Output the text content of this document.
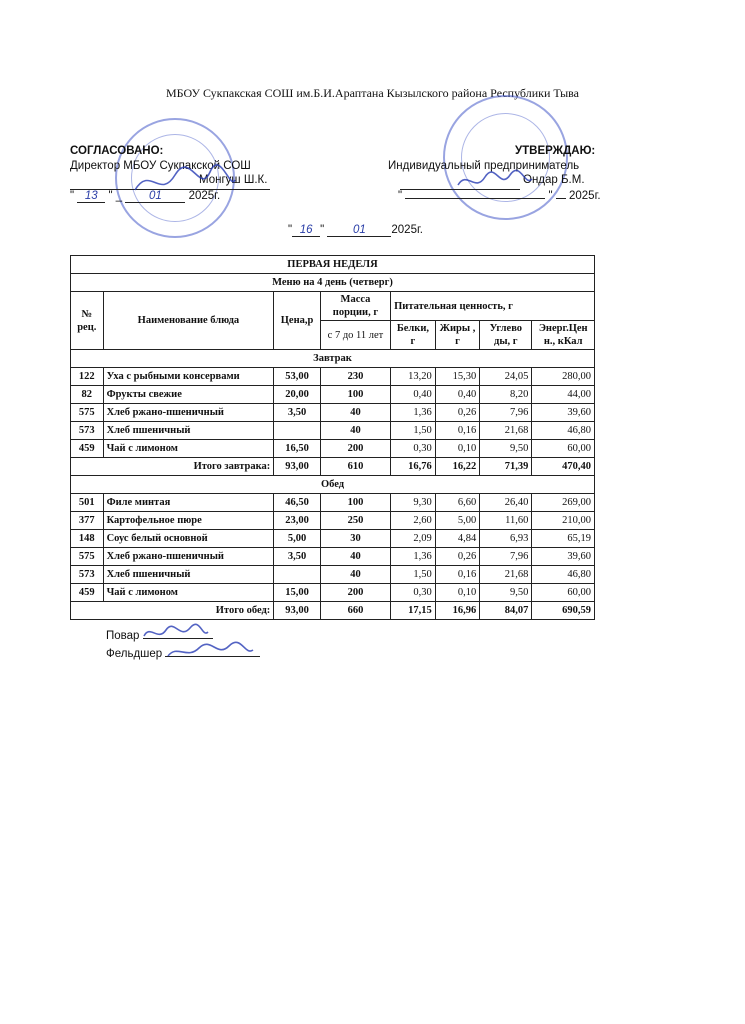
МБОУ Сукпакская СОШ им.Б.И.Араптана Кызылского района Республики Тыва
СОГЛАСОВАНО:
Директор МБОУ Сукпакской СОШ
Монгуш Ш.К.
" 13 " _ 01 2025г.
УТВЕРЖДАЮ:
Индивидуальный предприниматель
Ондар Б.М.
"	" 2025г.
" 16 "	01 2025г.
ПЕРВАЯ НЕДЕЛЯ							
Меню на 4 день (четверг)							
№ рец.	Наименование блюда	Цена,р	Масса порции, г	Питательная ценность, г			
			с 7 до 11 лет	Белки, г	Жиры , г	Углево ды, г	Энерг.Цен н., кКал
Завтрак							
122	Уха с рыбными консервами	53,00	230	13,20	15,30	24,05	280,00
82	Фрукты свежие	20,00	100	0,40	0,40	8,20	44,00
575	Хлеб ржано-пшеничный	3,50	40	1,36	0,26	7,96	39,60
573	Хлеб пшеничный		40	1,50	0,16	21,68	46,80
459	Чай с лимоном	16,50	200	0,30	0,10	9,50	60,00
Итого завтрака:		93,00	610	16,76	16,22	71,39	470,40
Обед							
501	Филе минтая	46,50	100	9,30	6,60	26,40	269,00
377	Картофельное пюре	23,00	250	2,60	5,00	11,60	210,00
148	Соус белый основной	5,00	30	2,09	4,84	6,93	65,19
575	Хлеб ржано-пшеничный	3,50	40	1,36	0,26	7,96	39,60
573	Хлеб пшеничный		40	1,50	0,16	21,68	46,80
459	Чай с лимоном	15,00	200	0,30	0,10	9,50	60,00
Итого обед:		93,00	660	17,15	16,96	84,07	690,59
Повар
Фельдшер
